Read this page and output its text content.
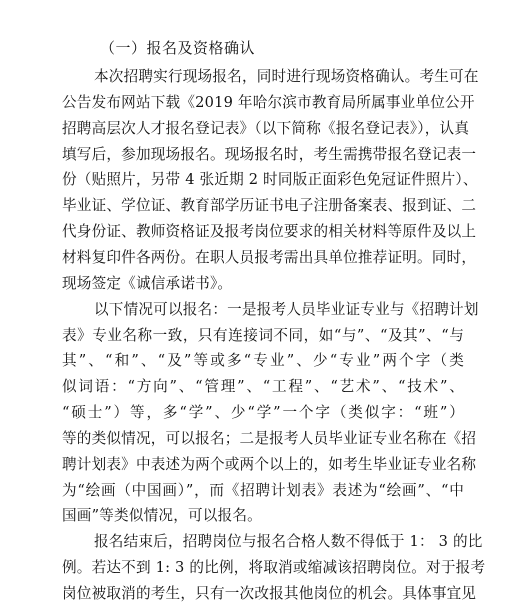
（一）报名及资格确认
本次招聘实行现场报名，同时进行现场资格确认。考生可在
公告发布网站下载《2019 年哈尔滨市教育局所属事业单位公开
招聘高层次人才报名登记表》（以下简称《报名登记表》），认真
填写后，参加现场报名。现场报名时，考生需携带报名登记表一
份（贴照片，另带 4 张近期 2 时同版正面彩色免冠证件照片）、
毕业证、学位证、教育部学历证书电子注册备案表、报到证、二
代身份证、教师资格证及报考岗位要求的相关材料等原件及以上
材料复印件各两份。在职人员报考需出具单位推荐证明。同时，
现场签定《诚信承诺书》。
以下情况可以报名：一是报考人员毕业证专业与《招聘计划
表》专业名称一致，只有连接词不同，如“与”、“及其”、“与
其”、“和”、“及”等或多“专业”、少“专业”两个字（类
似词语：“方向”、“管理”、“工程”、“艺术”、“技术”、
“硕士”）等，多“学”、少“学”一个字（类似字：“班”）
等的类似情况，可以报名；二是报考人员毕业证专业名称在《招
聘计划表》中表述为两个或两个以上的，如考生毕业证专业名称
为“绘画（中国画）”，而《招聘计划表》表述为“绘画”、“中
国画”等类似情况，可以报名。
报名结束后，招聘岗位与报名合格人数不得低于 1： 3 的比
例。若达不到 1: 3 的比例，将取消或缩减该招聘岗位。对于报考
岗位被取消的考生，只有一次改报其他岗位的机会。具体事宜见
